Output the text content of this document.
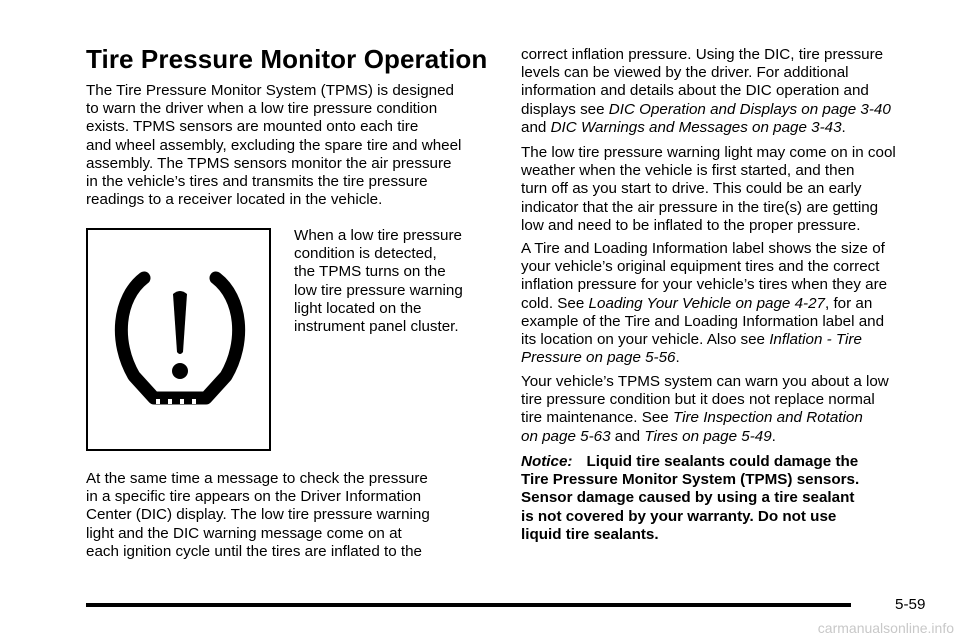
Tire Pressure Monitor Operation
The Tire Pressure Monitor System (TPMS) is designed
to warn the driver when a low tire pressure condition
exists. TPMS sensors are mounted onto each tire
and wheel assembly, excluding the spare tire and wheel
assembly. The TPMS sensors monitor the air pressure
in the vehicle’s tires and transmits the tire pressure
readings to a receiver located in the vehicle.
When a low tire pressure
condition is detected,
the TPMS turns on the
low tire pressure warning
light located on the
instrument panel cluster.
At the same time a message to check the pressure
in a specific tire appears on the Driver Information
Center (DIC) display. The low tire pressure warning
light and the DIC warning message come on at
each ignition cycle until the tires are inflated to the
correct inflation pressure. Using the DIC, tire pressure
levels can be viewed by the driver. For additional
information and details about the DIC operation and
displays see DIC Operation and Displays on page 3-40
and DIC Warnings and Messages on page 3-43.
The low tire pressure warning light may come on in cool
weather when the vehicle is first started, and then
turn off as you start to drive. This could be an early
indicator that the air pressure in the tire(s) are getting
low and need to be inflated to the proper pressure.
A Tire and Loading Information label shows the size of
your vehicle’s original equipment tires and the correct
inflation pressure for your vehicle’s tires when they are
cold. See Loading Your Vehicle on page 4-27, for an
example of the Tire and Loading Information label and
its location on your vehicle. Also see Inflation - Tire
Pressure on page 5-56.
Your vehicle’s TPMS system can warn you about a low
tire pressure condition but it does not replace normal
tire maintenance. See Tire Inspection and Rotation
on page 5-63 and Tires on page 5-49.
Notice: Liquid tire sealants could damage the
Tire Pressure Monitor System (TPMS) sensors.
Sensor damage caused by using a tire sealant
is not covered by your warranty. Do not use
liquid tire sealants.
5-59
carmanualsonline.info
